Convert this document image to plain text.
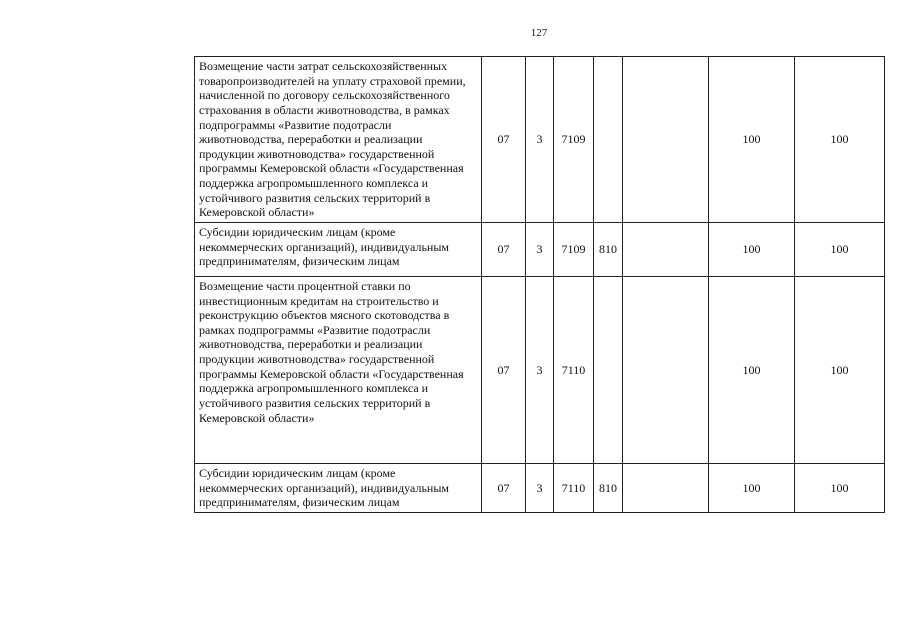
127
Возмещение части затрат сельскохозяйственных товаропроизводителей на уплату страховой премии, начисленной по договору сельскохозяйственного страхования в области животноводства, в рамках подпрограммы «Развитие подотрасли животноводства, переработки и реализации продукции животноводства» государственной программы Кемеровской области «Государственная поддержка агропромышленного комплекса и устойчивого развития сельских территорий в Кемеровской области»	07	3	7109			100	100
Субсидии юридическим лицам (кроме некоммерческих организаций), индивидуальным предпринимателям, физическим лицам	07	3	7109	810		100	100
Возмещение части процентной ставки по инвестиционным кредитам на строительство и реконструкцию объектов мясного скотоводства в рамках подпрограммы «Развитие подотрасли животноводства, переработки и реализации продукции животноводства» государственной программы Кемеровской области «Государственная поддержка агропромышленного комплекса и устойчивого развития сельских территорий в Кемеровской области»	07	3	7110			100	100
Субсидии юридическим лицам (кроме некоммерческих организаций), индивидуальным предпринимателям, физическим лицам	07	3	7110	810		100	100
